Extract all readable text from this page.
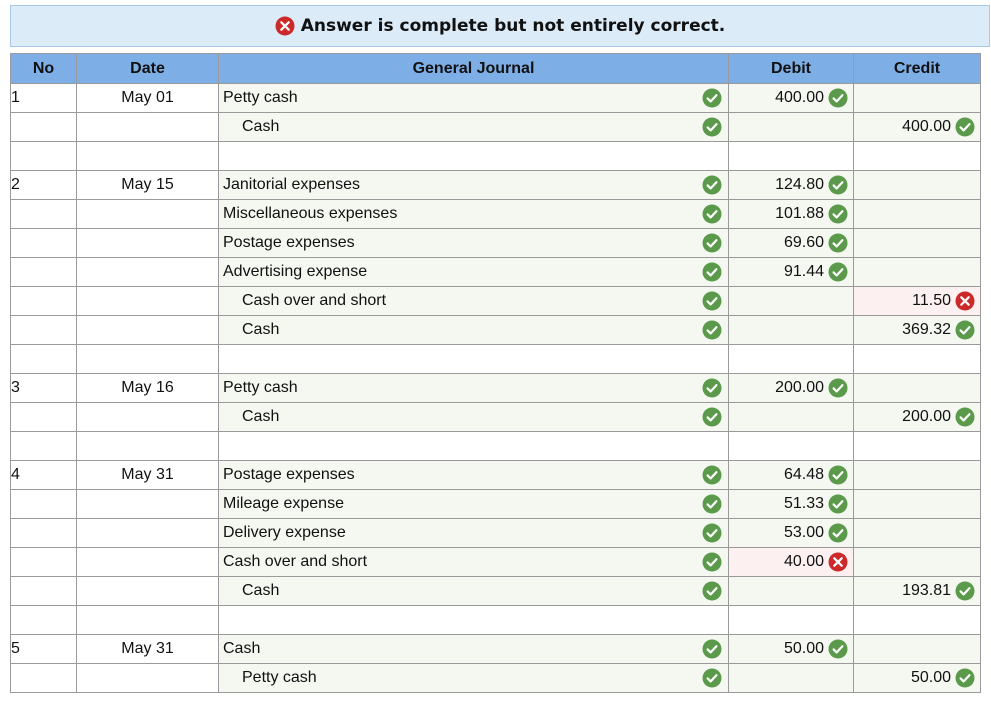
Answer is complete but not entirely correct.
No	Date	General Journal	Debit	Credit
1	May 01	Petty cash	400.00	

		Cash		400.00

2	May 15	Janitorial expenses	124.80	

		Miscellaneous expenses	101.88	

		Postage expenses	69.60	

		Advertising expense	91.44	

		Cash over and short		11.50

		Cash		369.32

3	May 16	Petty cash	200.00	

		Cash		200.00

4	May 31	Postage expenses	64.48	

		Mileage expense	51.33	

		Delivery expense	53.00	

		Cash over and short	40.00	

		Cash		193.81

5	May 31	Cash	50.00	

		Petty cash		50.00
